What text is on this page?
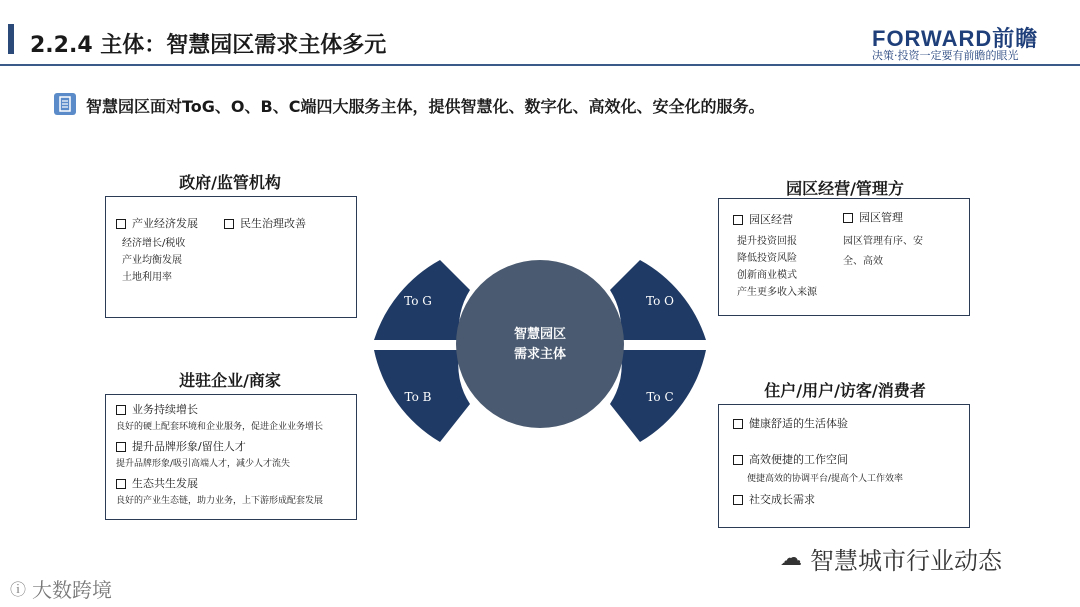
2.2.4 主体：智慧园区需求主体多元	FORWARD前瞻
决策·投资一定要有前瞻的眼光
智慧园区面对ToG、O、B、C端四大服务主体，提供智慧化、数字化、高效化、安全化的服务。
To G	To O
To B	To C
智慧园区
需求主体
政府/监管机构
产业经济发展	民生治理改善
经济增长/税收
产业均衡发展
土地利用率
园区经营/管理方
园区经营	园区管理
提升投资回报
降低投资风险
创新商业模式
产生更多收入来源
园区管理有序、安
全、高效
进驻企业/商家
业务持续增长
良好的硬上配套环境和企业服务，促进企业业务增长
提升品牌形象/留住人才
提升品牌形象/吸引高端人才，减少人才流失
生态共生发展
良好的产业生态链，助力业务，上下游形成配套发展
住户/用户/访客/消费者
健康舒适的生活体验
高效便捷的工作空间
便捷高效的协调平台/提高个人工作效率
社交成长需求
ⓘ 大数跨境
☁ 智慧城市行业动态
